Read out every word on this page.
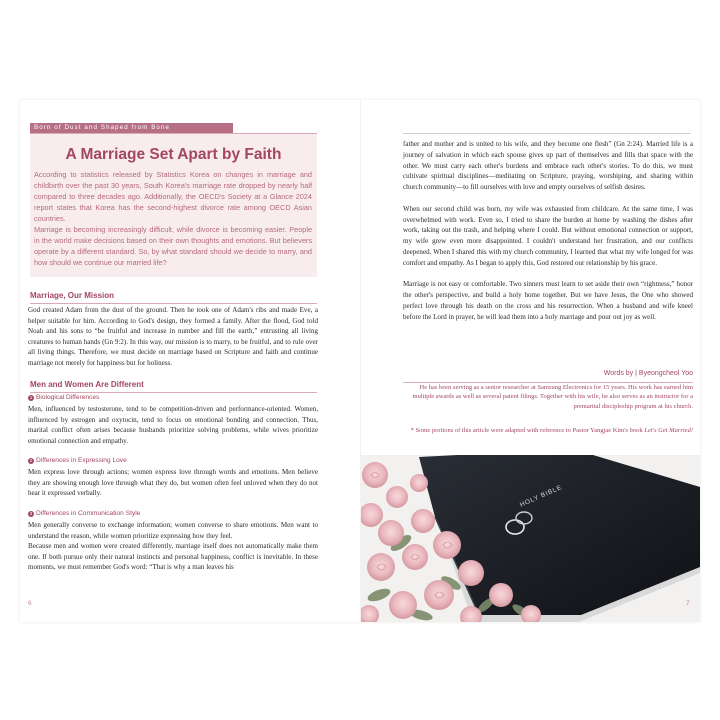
Born of Dust and Shaped from Bone
A Marriage Set Apart by Faith

According to statistics released by Statistics Korea on changes in marriage and childbirth over the past 30 years, South Korea's marriage rate dropped by nearly half compared to three decades ago. Additionally, the OECD's Society at a Glance 2024 report states that Korea has the second-highest divorce rate among OECD Asian countries.

Marriage is becoming increasingly difficult, while divorce is becoming easier. People in the world make decisions based on their own thoughts and emotions. But believers operate by a different standard. So, by what standard should we decide to marry, and how should we continue our married life?

Marriage, Our Mission

God created Adam from the dust of the ground. Then he took one of Adam's ribs and made Eve, a helper suitable for him. According to God's design, they formed a family. After the flood, God told Noah and his sons to “be fruitful and increase in number and fill the earth,” entrusting all living creatures to human hands (Gn 9:2). In this way, our mission is to marry, to be fruitful, and to rule over all living things. Therefore, we must decide on marriage based on Scripture and faith and continue marriage not merely for happiness but for holiness.

Men and Women Are Different
1 Biological Differences

Men, influenced by testosterone, tend to be competition-driven and performance-oriented. Women, influenced by estrogen and oxytocin, tend to focus on emotional bonding and connection. Thus, marital conflict often arises because husbands prioritize solving problems, while wives prioritize emotional connection and empathy.

2 Differences in Expressing Love

Men express love through actions; women express love through words and emotions. Men believe they are showing enough love through what they do, but women often feel unloved when they do not hear it expressed verbally.

3 Differences in Communication Style

Men generally converse to exchange information; women converse to share emotions. Men want to understand the reason, while women prioritize expressing how they feel.

Because men and women were created differently, marriage itself does not automatically make them one. If both pursue only their natural instincts and personal happiness, conflict is inevitable. In these moments, we must remember God's word: “That is why a man leaves his

6

father and mother and is united to his wife, and they become one flesh” (Gn 2:24). Married life is a journey of salvation in which each spouse gives up part of themselves and fills that space with the other. We must carry each other's burdens and embrace each other's stories. To do this, we must cultivate spiritual disciplines—meditating on Scripture, praying, worshiping, and sharing within church community—to fill ourselves with love and empty ourselves of selfish desires.

When our second child was born, my wife was exhausted from childcare. At the same time, I was overwhelmed with work. Even so, I tried to share the burden at home by washing the dishes after work, taking out the trash, and helping where I could. But without emotional connection or support, my wife grew even more disappointed. I couldn't understand her frustration, and our conflicts deepened. When I shared this with my church community, I learned that what my wife longed for was comfort and empathy. As I began to apply this, God restored our relationship by his grace.

Marriage is not easy or comfortable. Two sinners must learn to set aside their own “rightness,” honor the other's perspective, and build a holy home together. But we have Jesus, the One who showed perfect love through his death on the cross and his resurrection. When a husband and wife kneel before the Lord in prayer, he will lead them into a holy marriage and pour out joy as well.

Words by | Byeongcheol Yoo

He has been serving as a senior researcher at Samsung Electronics for 15 years. His work has earned him multiple awards as well as several patent filings. Together with his wife, he also serves as an instructor for a premarital discipleship program at his church.

* Some portions of this article were adapted with reference to Pastor Yangjae Kim's book Let's Get Married!

HOLY BIBLE
7
